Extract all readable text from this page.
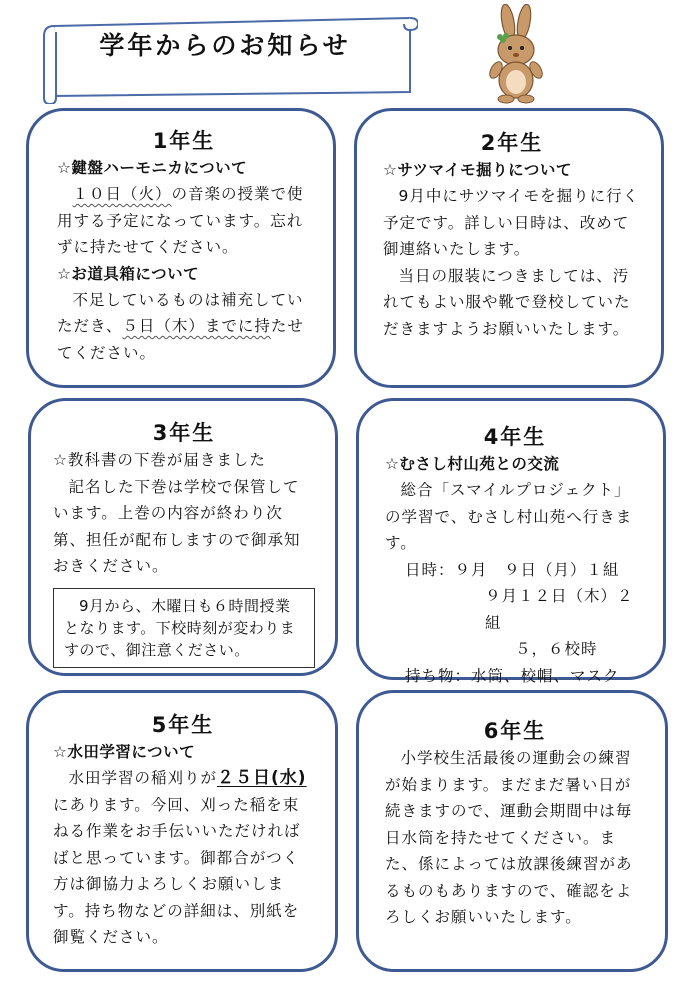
学年からのお知らせ
1年生
☆鍵盤ハーモニカについて
１０日（火）の音楽の授業で使用する予定になっています。忘れずに持たせてください。
☆お道具箱について
不足しているものは補充していただき、５日（木）までに持たせてください。
2年生
☆サツマイモ掘りについて
9月中にサツマイモを掘りに行く予定です。詳しい日時は、改めて御連絡いたします。
当日の服装につきましては、汚れてもよい服や靴で登校していただきますようお願いいたします。
3年生
☆教科書の下巻が届きました
記名した下巻は学校で保管しています。上巻の内容が終わり次第、担任が配布しますので御承知おきください。
9月から、木曜日も６時間授業となります。下校時刻が変わりますので、御注意ください。
4年生
☆むさし村山苑との交流
総合「スマイルプロジェクト」の学習で、むさし村山苑へ行きます。
日時：９月　９日（月）１組
９月１２日（木）２組
５，６校時
持ち物：水筒、校帽、マスク
5年生
☆水田学習について
水田学習の稲刈りが２５日(水)にあります。今回、刈った稲を束ねる作業をお手伝いいただければばと思っています。御都合がつく方は御協力よろしくお願いします。持ち物などの詳細は、別紙を御覧ください。
6年生
小学校生活最後の運動会の練習が始まります。まだまだ暑い日が続きますので、運動会期間中は毎日水筒を持たせてください。また、係によっては放課後練習があるものもありますので、確認をよろしくお願いいたします。
